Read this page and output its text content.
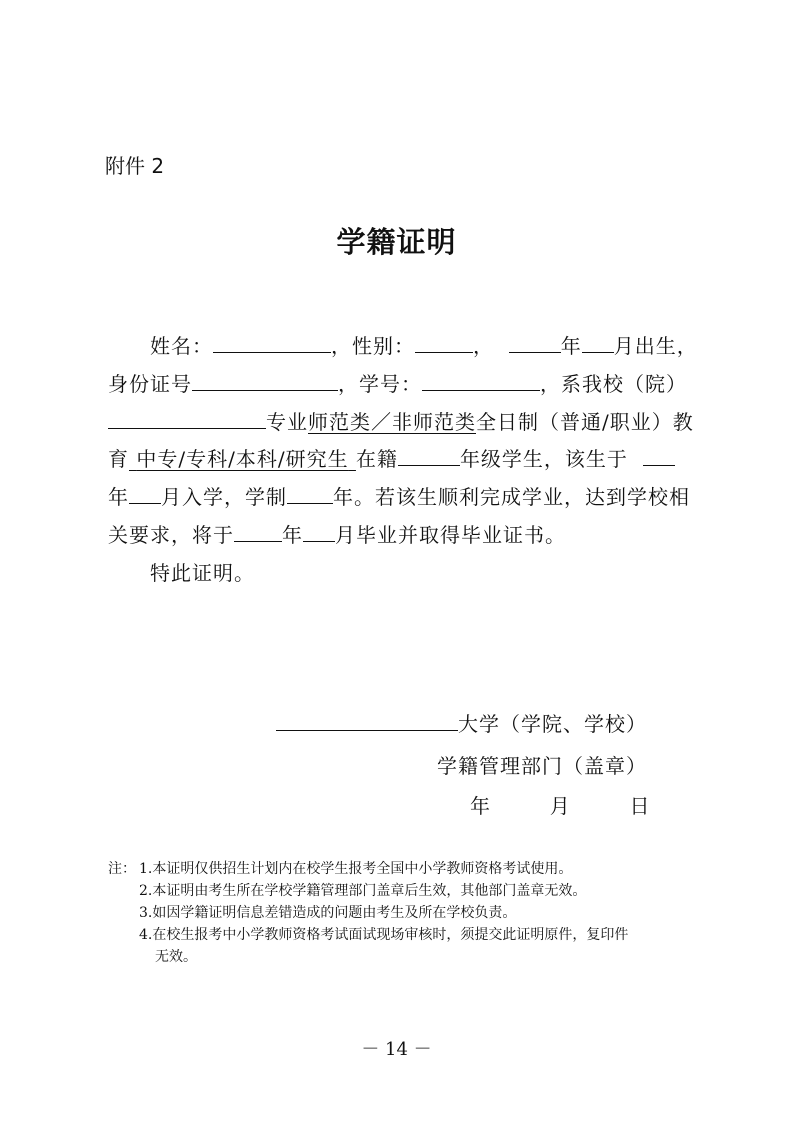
附件 2
学籍证明
姓名：	，性别：	，	年 月出生，
身份证号	，学号：	，系我校（院）
专业师范类／非师范类全日制（普通/职业）教
育 中专/专科/本科/研究生 在籍	年级学生，该生于
年 月入学，学制 年。若该生顺利完成学业，达到学校相
关要求，将于 年 月毕业并取得毕业证书。
特此证明。
大学（学院、学校）
学籍管理部门（盖章）
年	月	日
注： 1.本证明仅供招生计划内在校学生报考全国中小学教师资格考试使用。
2.本证明由考生所在学校学籍管理部门盖章后生效，其他部门盖章无效。
3.如因学籍证明信息差错造成的问题由考生及所在学校负责。
4.在校生报考中小学教师资格考试面试现场审核时，须提交此证明原件，复印件
无效。
－ 14 －
